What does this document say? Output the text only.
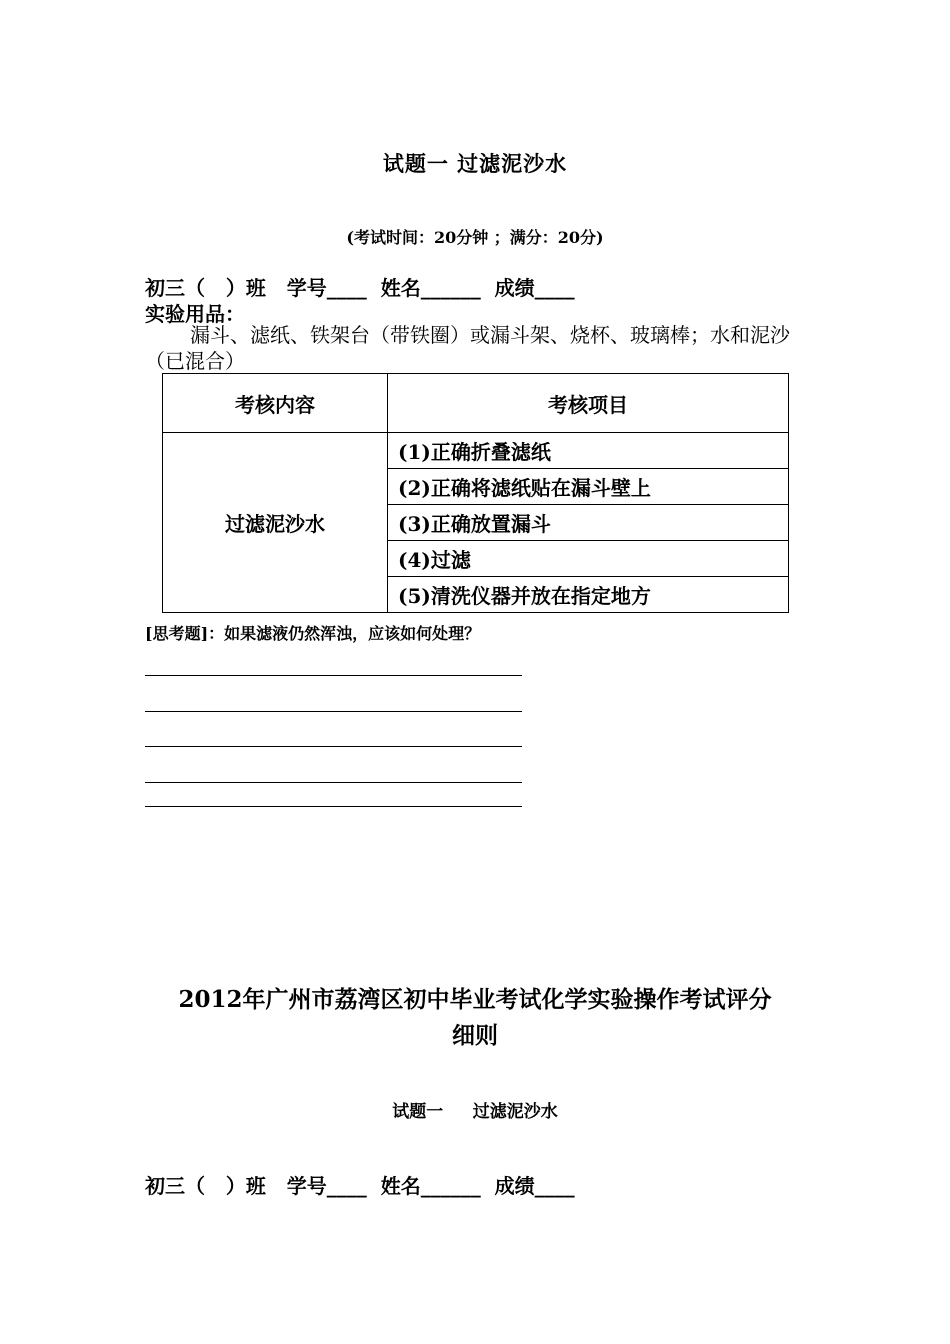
试题一 过滤泥沙水
(考试时间：20分钟 ；满分：20分)
初三（   ）班   学号____  姓名______  成绩____
实验用品：
漏斗、滤纸、铁架台（带铁圈）或漏斗架、烧杯、玻璃棒；水和泥沙（已混合）
考核内容	考核项目
过滤泥沙水	(1)正确折叠滤纸
	(2)正确将滤纸贴在漏斗壁上
	(3)正确放置漏斗
	(4)过滤
	(5)清洗仪器并放在指定地方
[思考题]：如果滤液仍然浑浊，应该如何处理？
2012年广州市荔湾区初中毕业考试化学实验操作考试评分
细则
试题一     过滤泥沙水
初三（   ）班   学号____  姓名______  成绩____
